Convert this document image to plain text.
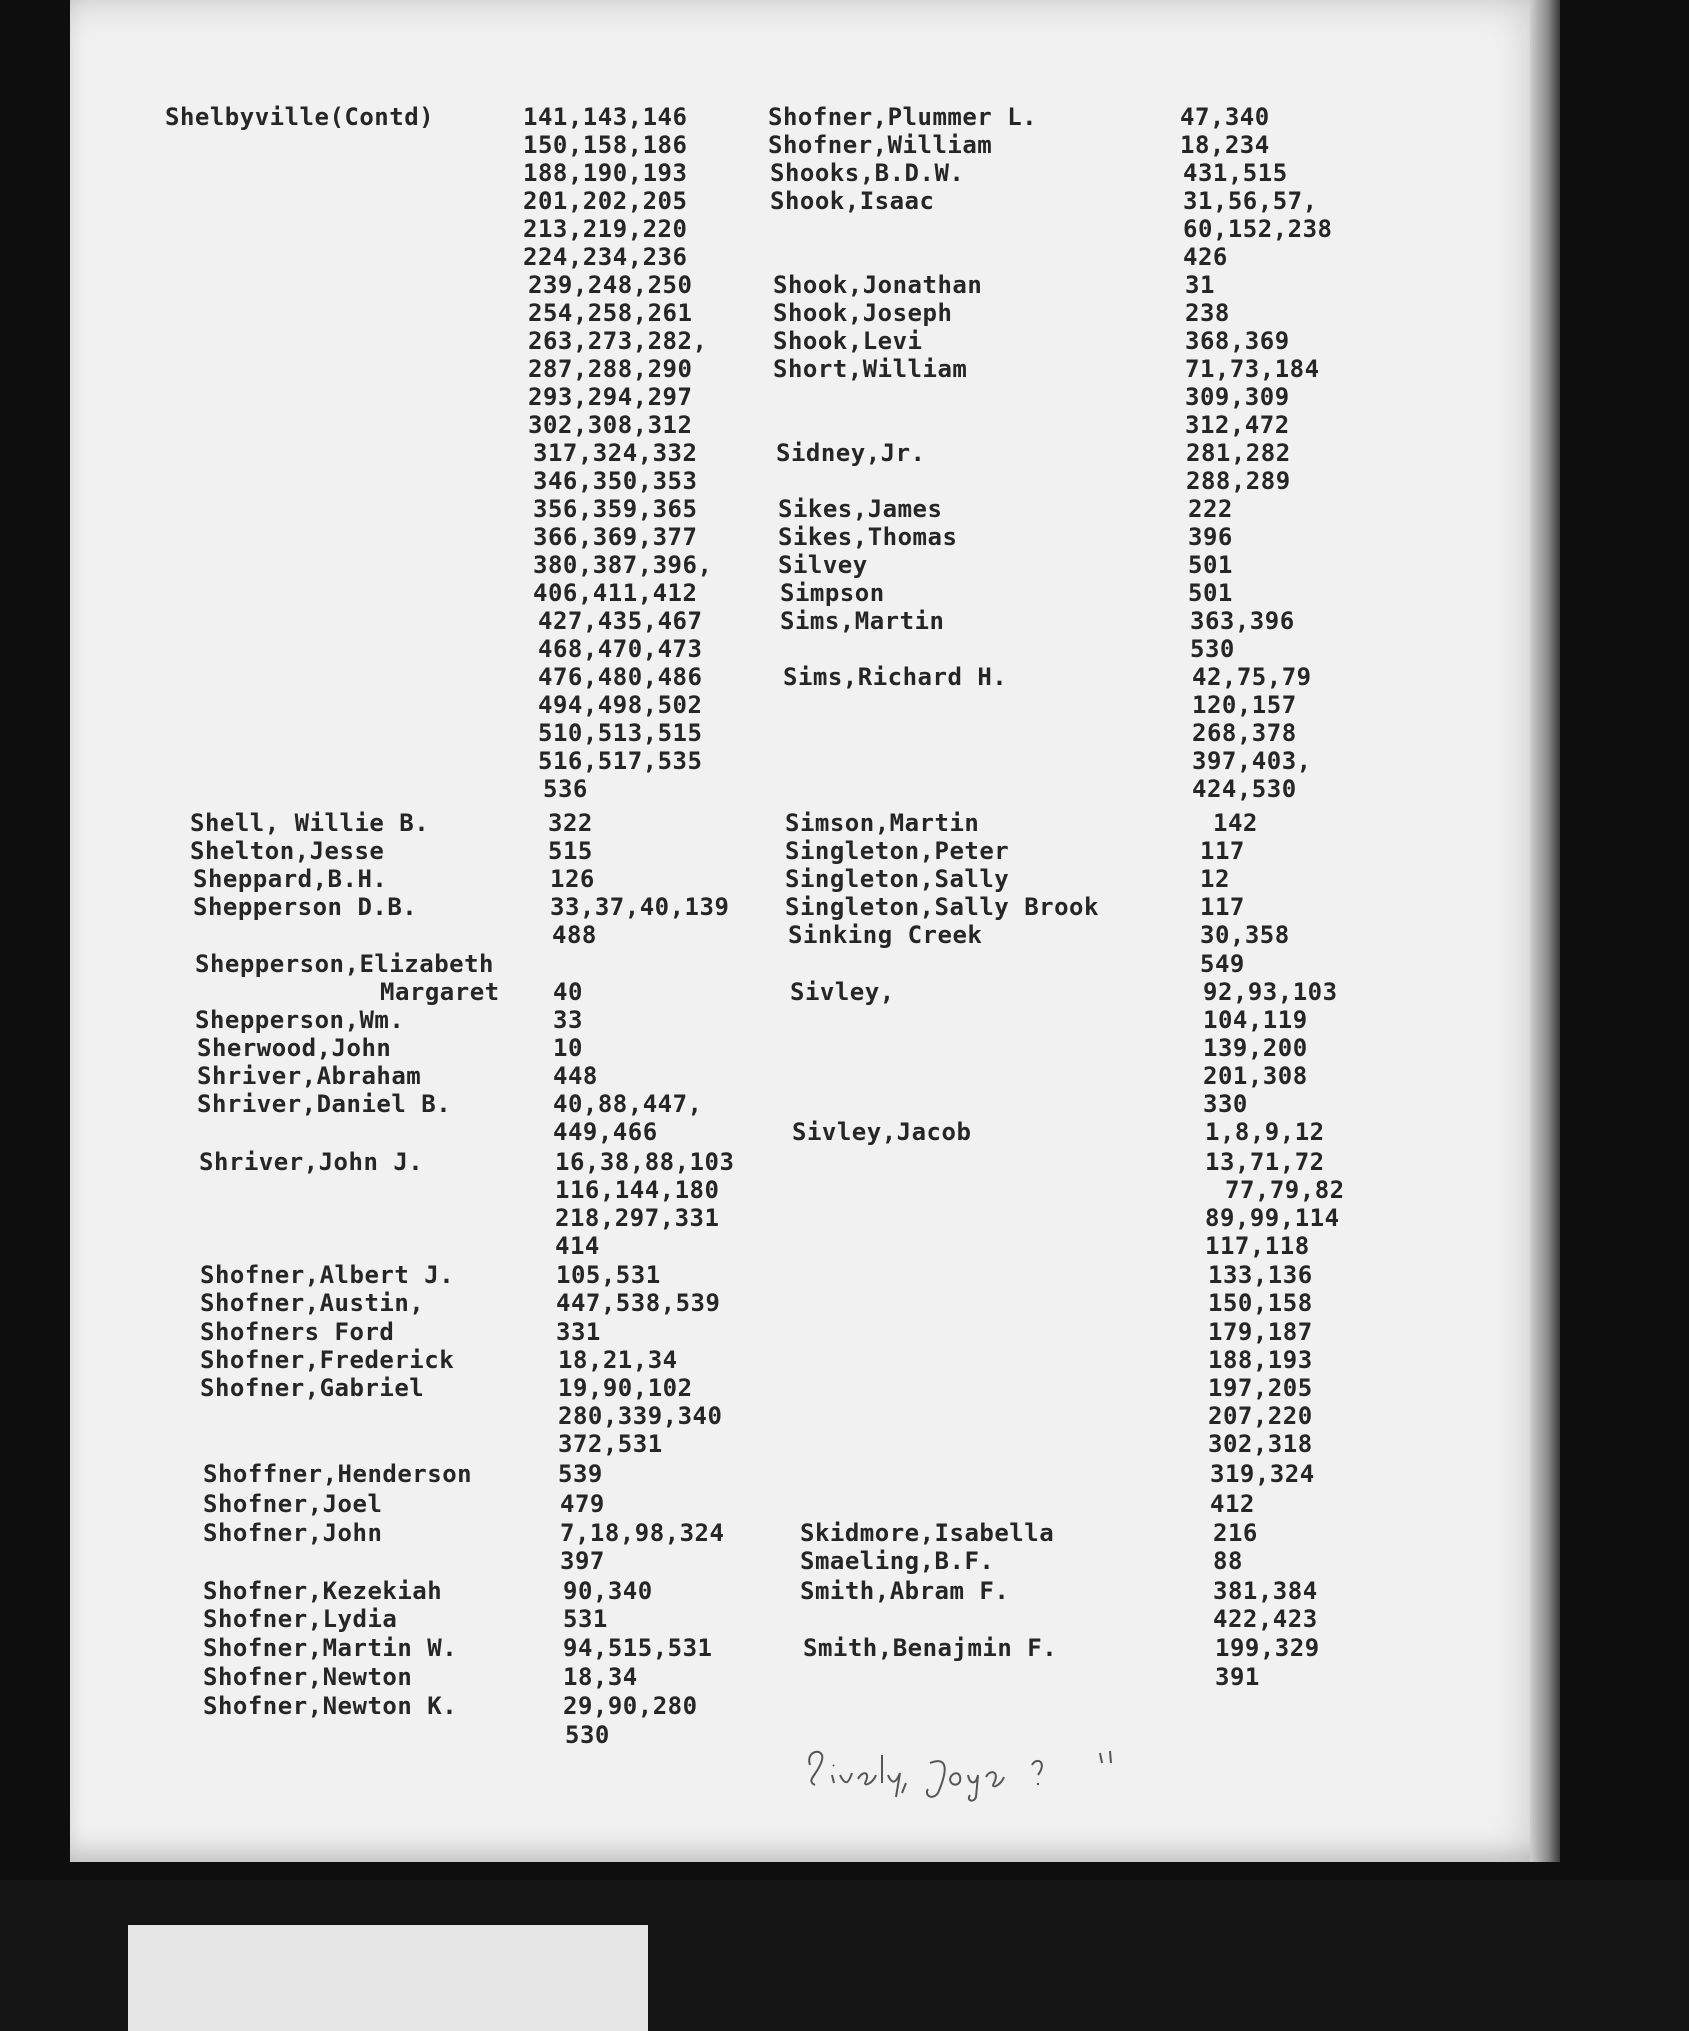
Shelbyville(Contd)	141,143,146
150,158,186
188,190,193
201,202,205
213,219,220
224,234,236
239,248,250
254,258,261
263,273,282,
287,288,290
293,294,297
302,308,312
317,324,332
346,350,353
356,359,365
366,369,377
380,387,396,
406,411,412
427,435,467
468,470,473
476,480,486
494,498,502
510,513,515
516,517,535
536
Shell, Willie B.	322
Shelton,Jesse	515
Sheppard,B.H.	126
Shepperson D.B.	33,37,40,139
488
Shepperson,Elizabeth
Margaret 40
Shepperson,Wm.	33
Sherwood,John	10
Shriver,Abraham	448
Shriver,Daniel B.	40,88,447,
449,466
Shriver,John J.	16,38,88,103
116,144,180
218,297,331
414
Shofner,Albert J.	105,531
Shofner,Austin,	447,538,539
Shofners Ford	331
Shofner,Frederick	18,21,34
Shofner,Gabriel	19,90,102
280,339,340
372,531
Shoffner,Henderson	539
Shofner,Joel	479
Shofner,John	7,18,98,324
397
Shofner,Kezekiah	90,340
Shofner,Lydia	531
Shofner,Martin W.	94,515,531
Shofner,Newton	18,34
Shofner,Newton K.	29,90,280
530
Shofner,Plummer L.	47,340
Shofner,William	18,234
Shooks,B.D.W.	431,515
Shook,Isaac	31,56,57,
60,152,238
426
Shook,Jonathan	31
Shook,Joseph	238
Shook,Levi	368,369
Short,William	71,73,184
309,309
312,472
Sidney,Jr.	281,282
288,289
Sikes,James	222
Sikes,Thomas	396
Silvey	501
Simpson	501
Sims,Martin	363,396
530
Sims,Richard H.	42,75,79
120,157
268,378
397,403,
424,530
Simson,Martin	142
Singleton,Peter	117
Singleton,Sally	12
Singleton,Sally Brook	117
Sinking Creek	30,358
549
Sivley,	92,93,103
104,119
139,200
201,308
330
Sivley,Jacob	1,8,9,12
13,71,72
77,79,82
89,99,114
117,118
133,136
150,158
179,187
188,193
197,205
207,220
302,318
319,324
412
Skidmore,Isabella	216
Smaeling,B.F.	88
Smith,Abram F.	381,384
422,423
Smith,Benajmin F.	199,329
391
